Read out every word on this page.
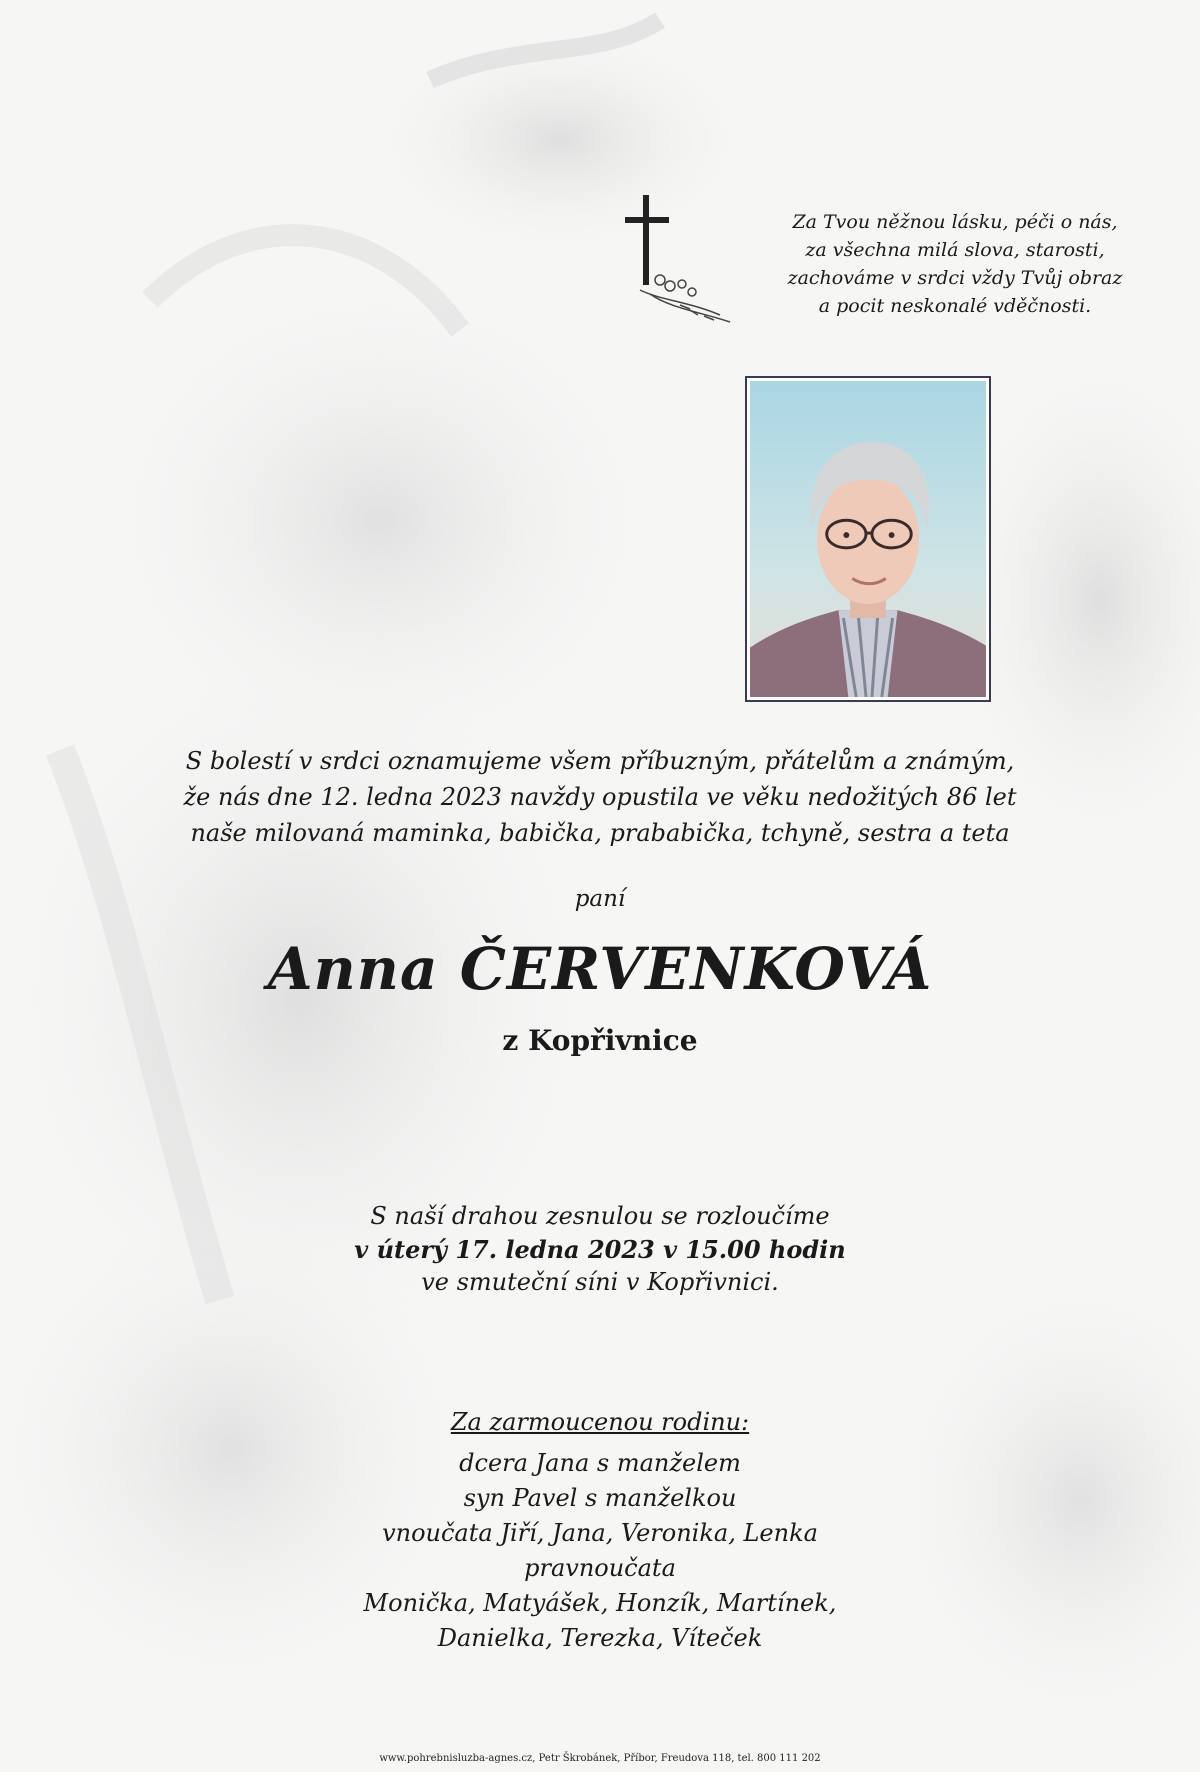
Za Tvou něžnou lásku, péči o nás,
za všechna milá slova, starosti,
zachováme v srdci vždy Tvůj obraz
a pocit neskonalé vděčnosti.
S bolestí v srdci oznamujeme všem příbuzným, přátelům a známým,
že nás dne 12. ledna 2023 navždy opustila ve věku nedožitých 86 let
naše milovaná maminka, babička, prababička, tchyně, sestra a teta
paní
Anna ČERVENKOVÁ
z Kopřivnice
S naší drahou zesnulou se rozloučíme
v úterý 17. ledna 2023 v 15.00 hodin
ve smuteční síni v Kopřivnici.
Za zarmoucenou rodinu:
dcera Jana s manželem
syn Pavel s manželkou
vnoučata Jiří, Jana, Veronika, Lenka
pravnoučata
Monička, Matyášek, Honzík, Martínek,
Danielka, Terezka, Víteček
www.pohrebnisluzba-agnes.cz, Petr Škrobánek, Příbor, Freudova 118, tel. 800 111 202
